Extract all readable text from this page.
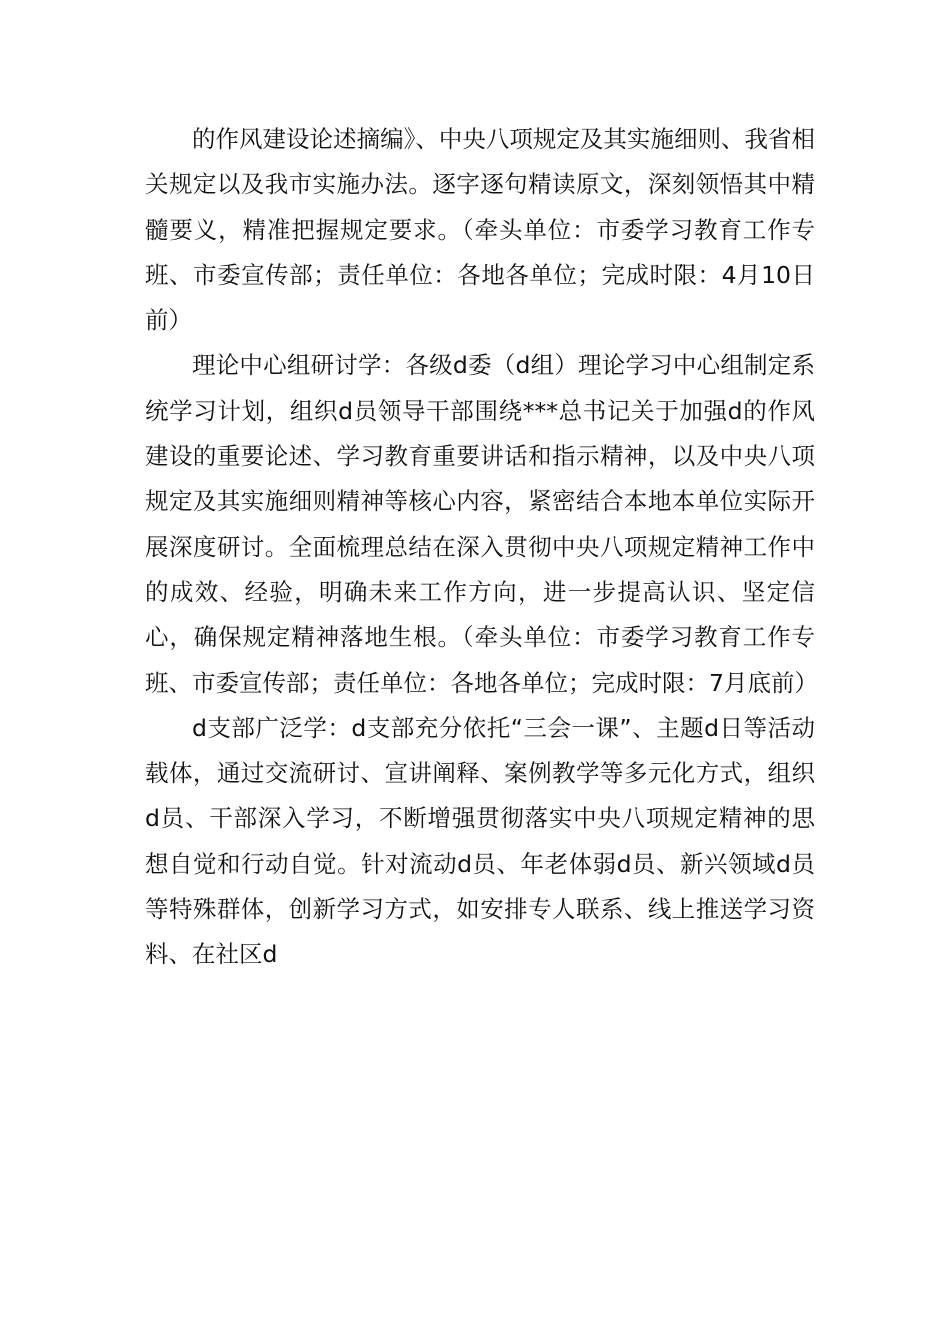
的作风建设论述摘编》、中央八项规定及其实施细则、我省相关规定以及我市实施办法。逐字逐句精读原文，深刻领悟其中精髓要义，精准把握规定要求。（牵头单位：市委学习教育工作专班、市委宣传部；责任单位：各地各单位；完成时限：4月10日前）

理论中心组研讨学：各级d委（d组）理论学习中心组制定系统学习计划，组织d员领导干部围绕***总书记关于加强d的作风建设的重要论述、学习教育重要讲话和指示精神，以及中央八项规定及其实施细则精神等核心内容，紧密结合本地本单位实际开展深度研讨。全面梳理总结在深入贯彻中央八项规定精神工作中的成效、经验，明确未来工作方向，进一步提高认识、坚定信心，确保规定精神落地生根。（牵头单位：市委学习教育工作专班、市委宣传部；责任单位：各地各单位；完成时限：7月底前）

d支部广泛学：d支部充分依托“三会一课”、主题d日等活动载体，通过交流研讨、宣讲阐释、案例教学等多元化方式，组织d员、干部深入学习，不断增强贯彻落实中央八项规定精神的思想自觉和行动自觉。针对流动d员、年老体弱d员、新兴领域d员等特殊群体，创新学习方式，如安排专人联系、线上推送学习资料、在社区d
